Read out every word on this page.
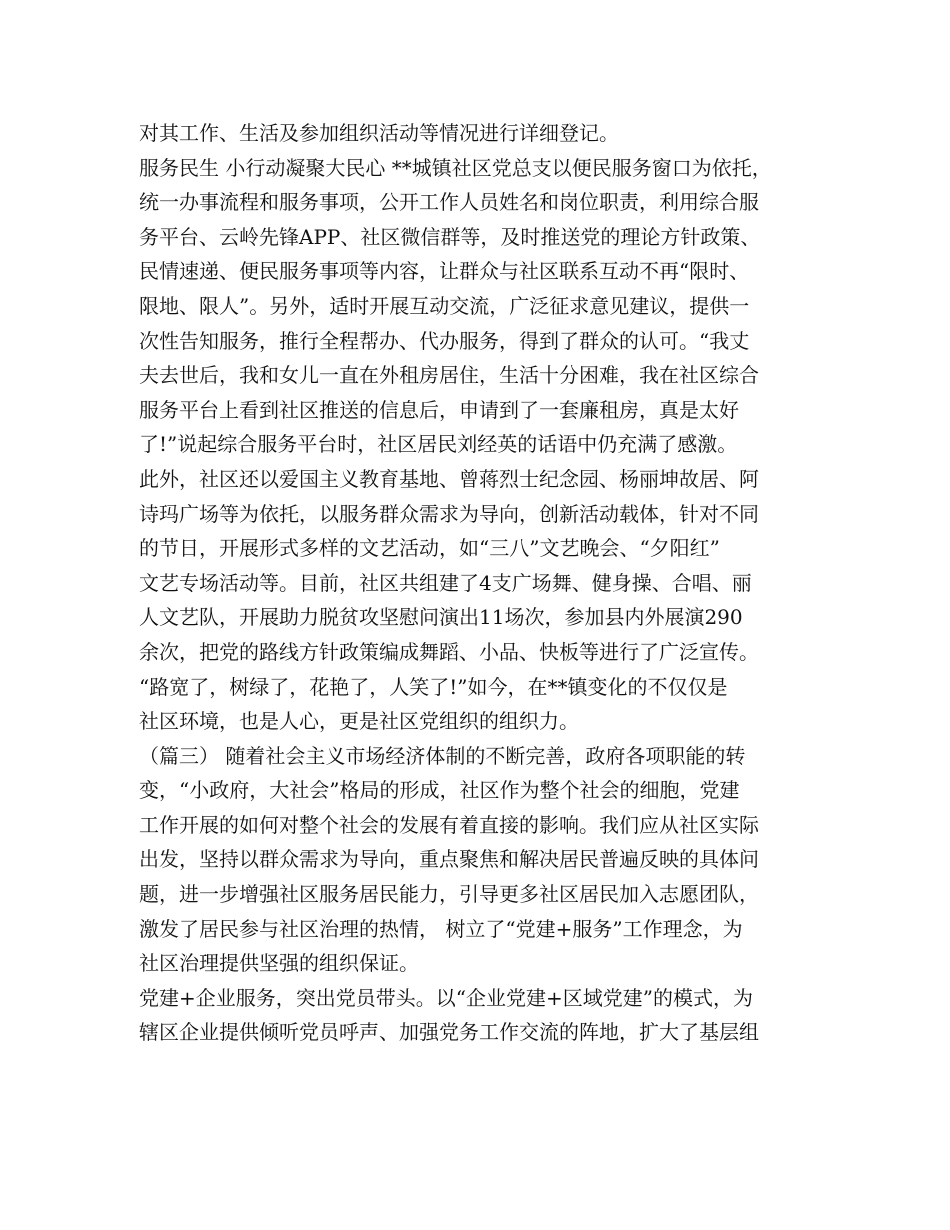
对其工作、生活及参加组织活动等情况进行详细登记。
服务民生 小行动凝聚大民心 **城镇社区党总支以便民服务窗口为依托，
统一办事流程和服务事项，公开工作人员姓名和岗位职责，利用综合服
务平台、云岭先锋APP、社区微信群等，及时推送党的理论方针政策、
民情速递、便民服务事项等内容，让群众与社区联系互动不再“限时、
限地、限人”。另外，适时开展互动交流，广泛征求意见建议，提供一
次性告知服务，推行全程帮办、代办服务，得到了群众的认可。“我丈
夫去世后，我和女儿一直在外租房居住，生活十分困难，我在社区综合
服务平台上看到社区推送的信息后，申请到了一套廉租房，真是太好
了!”说起综合服务平台时，社区居民刘经英的话语中仍充满了感激。
此外，社区还以爱国主义教育基地、曾蒋烈士纪念园、杨丽坤故居、阿
诗玛广场等为依托，以服务群众需求为导向，创新活动载体，针对不同
的节日，开展形式多样的文艺活动，如“三八”文艺晚会、“夕阳红”
文艺专场活动等。目前，社区共组建了4支广场舞、健身操、合唱、丽
人文艺队，开展助力脱贫攻坚慰问演出11场次，参加县内外展演290
余次，把党的路线方针政策编成舞蹈、小品、快板等进行了广泛宣传。
“路宽了，树绿了，花艳了，人笑了!”如今，在**镇变化的不仅仅是
社区环境，也是人心，更是社区党组织的组织力。
（篇三） 随着社会主义市场经济体制的不断完善，政府各项职能的转
变，“小政府，大社会”格局的形成，社区作为整个社会的细胞，党建
工作开展的如何对整个社会的发展有着直接的影响。我们应从社区实际
出发，坚持以群众需求为导向，重点聚焦和解决居民普遍反映的具体问
题，进一步增强社区服务居民能力，引导更多社区居民加入志愿团队，
激发了居民参与社区治理的热情， 树立了“党建+服务”工作理念，为
社区治理提供坚强的组织保证。
党建+企业服务，突出党员带头。以“企业党建+区域党建”的模式，为
辖区企业提供倾听党员呼声、加强党务工作交流的阵地，扩大了基层组
